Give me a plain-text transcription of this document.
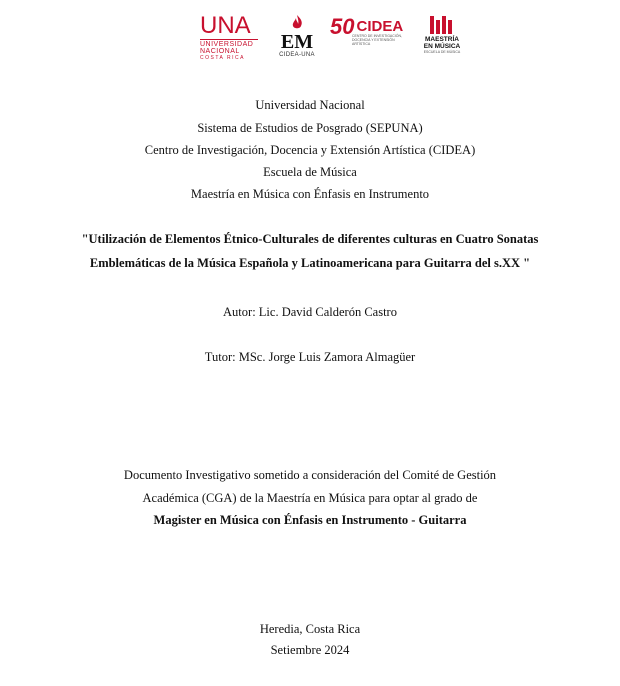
UNA
UNIVERSIDAD
NACIONAL
COSTA RICA
EM
CIDEA-UNA
50 CIDEA
CENTRO DE INVESTIGACIÓN, DOCENCIA Y EXTENSIÓN ARTÍSTICA
MAESTRÍA
EN MÚSICA
ESCUELA DE MÚSICA
Universidad Nacional
Sistema de Estudios de Posgrado (SEPUNA)
Centro de Investigación, Docencia y Extensión Artística (CIDEA)
Escuela de Música
Maestría en Música con Énfasis en Instrumento
"Utilización de Elementos Étnico-Culturales de diferentes culturas en Cuatro Sonatas
Emblemáticas de la Música Española y Latinoamericana para Guitarra del s.XX "
Autor: Lic. David Calderón Castro
Tutor: MSc. Jorge Luis Zamora Almagüer
Documento Investigativo sometido a consideración del Comité de Gestión
Académica (CGA) de la Maestría en Música para optar al grado de
Magister en Música con Énfasis en Instrumento - Guitarra
Heredia, Costa Rica
Setiembre 2024
